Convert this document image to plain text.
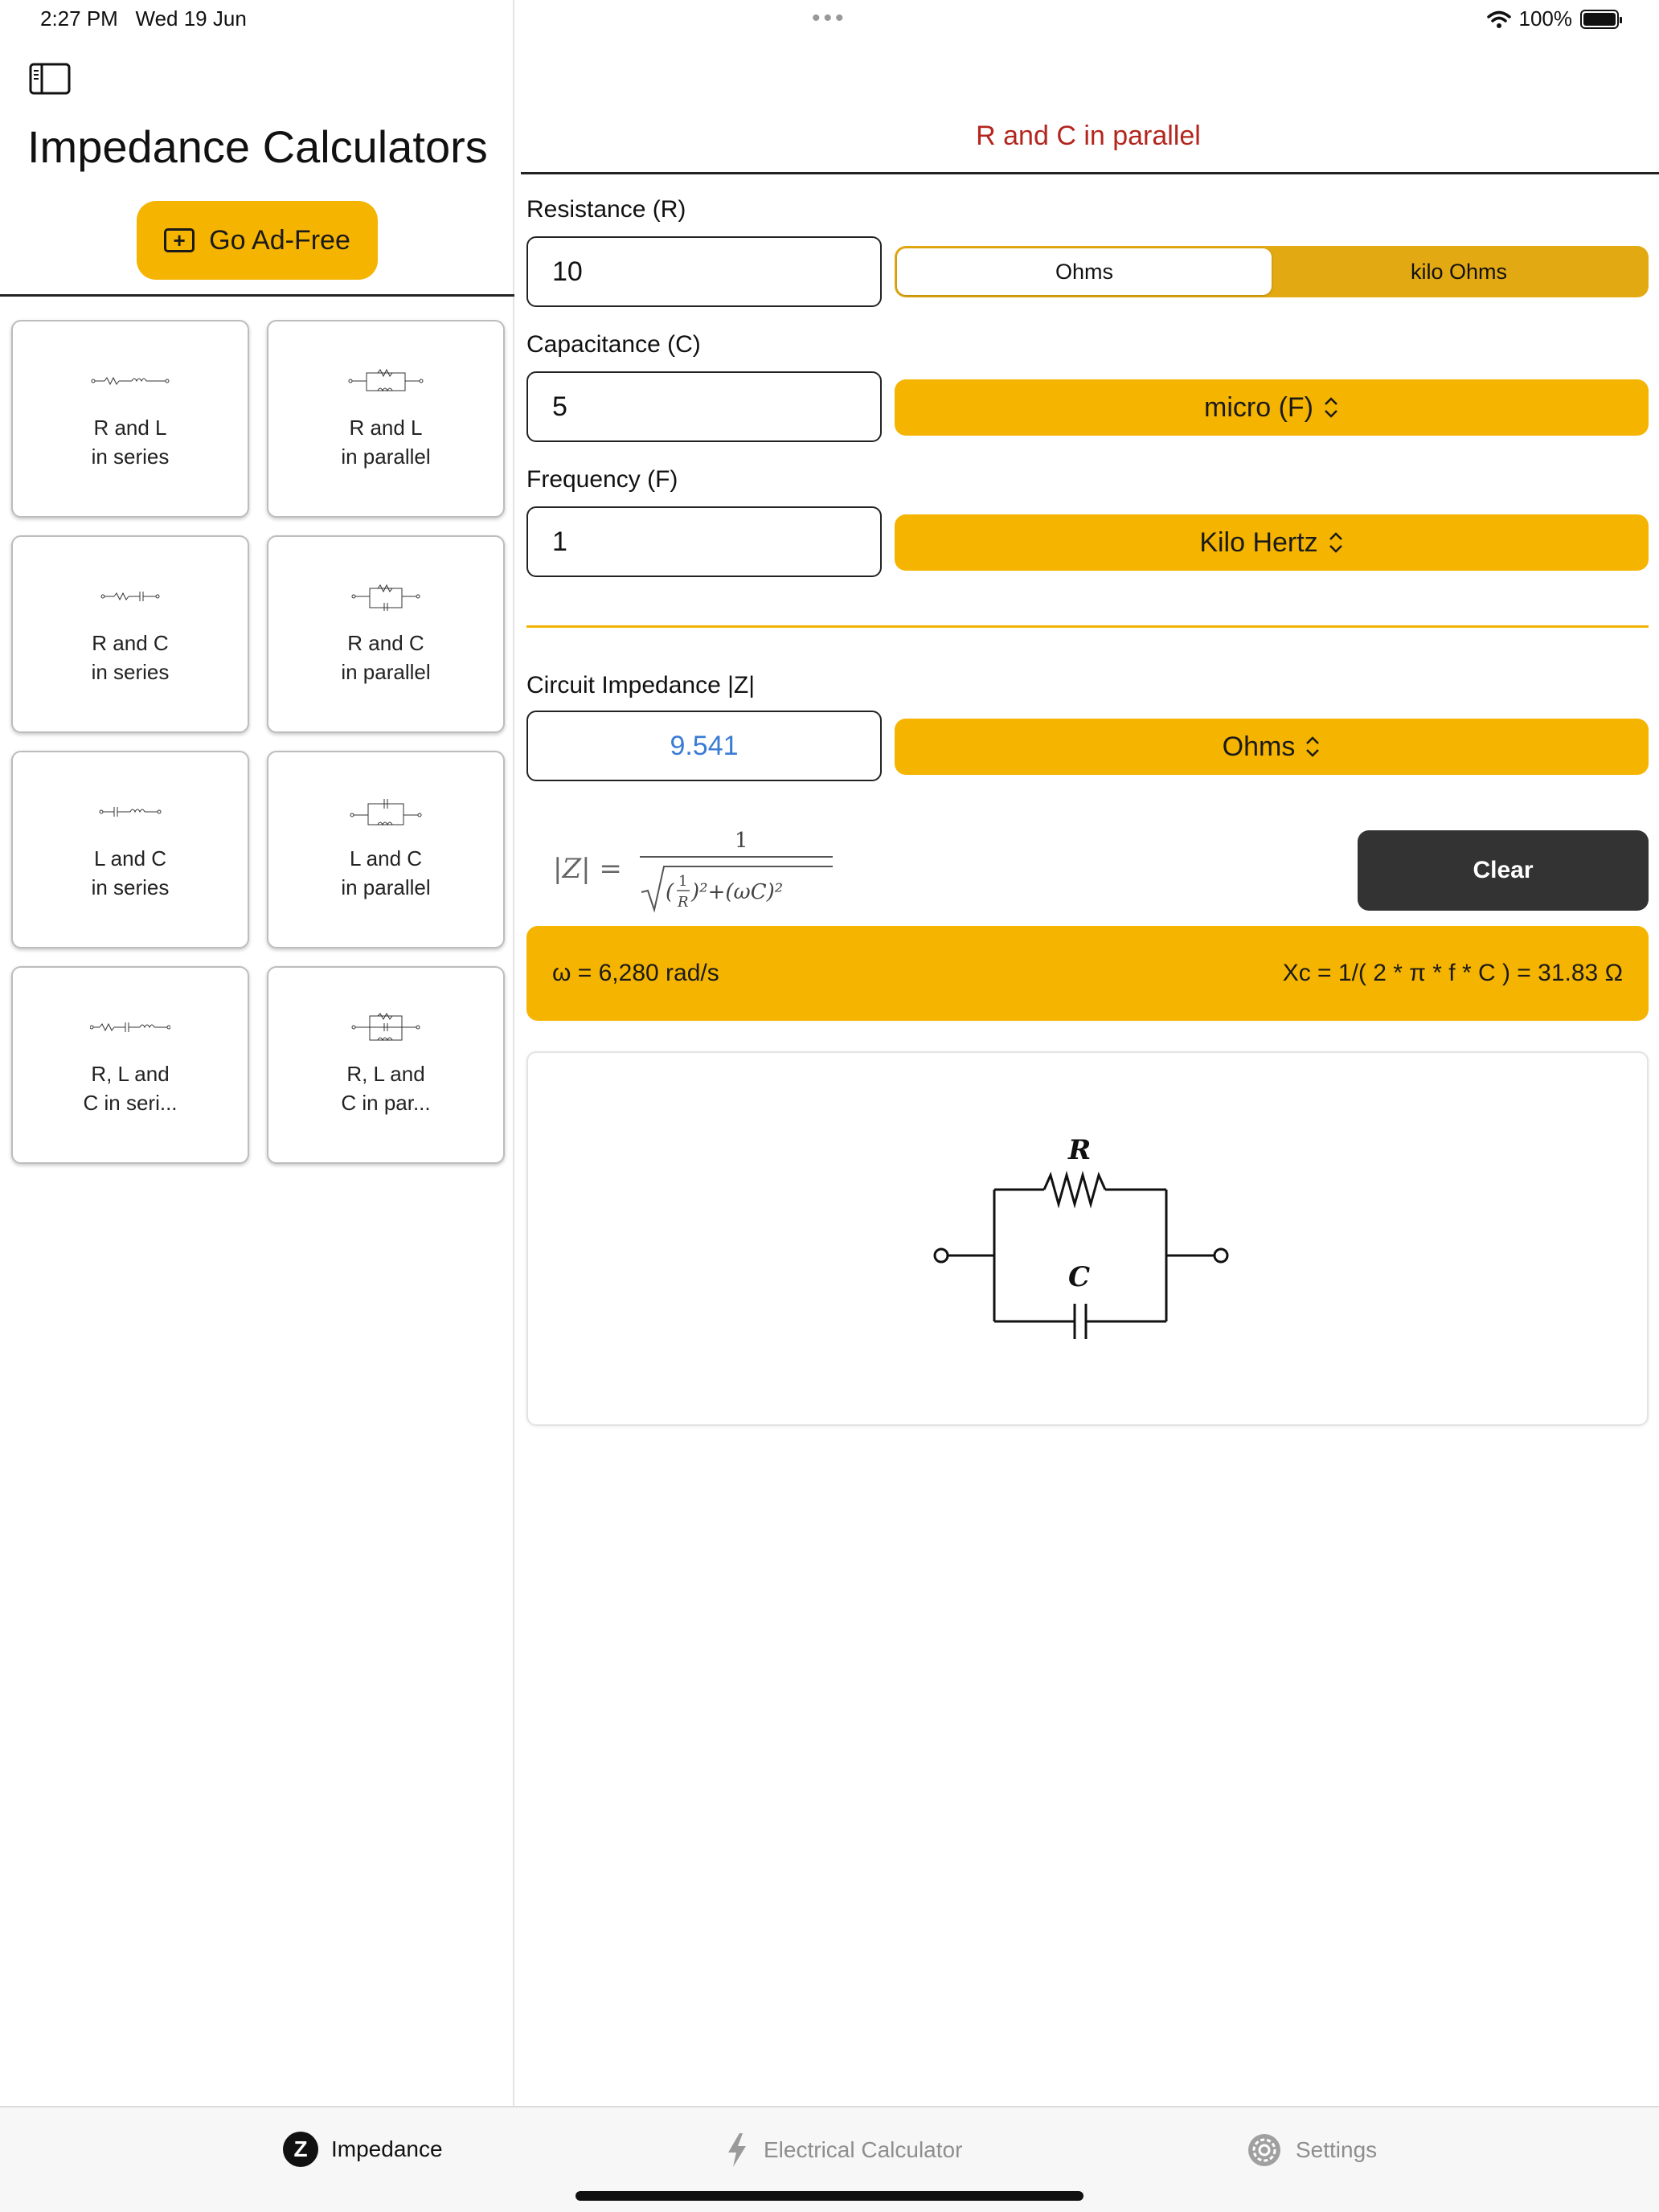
2:27 PM Wed 19 Jun	•••	100%
Impedance Calculators
+ Go Ad-Free
R and L
in series
R and L
in parallel
R and C
in series
R and C
in parallel
L and C
in series
L and C
in parallel
R, L and
C in seri...
R, L and
C in par...
R and C in parallel
Resistance (R)
10	Ohms	kilo Ohms
Capacitance (C)
5	micro (F)
Frequency (F)
1	Kilo Hertz
Circuit Impedance |Z|
9.541	Ohms
|Z| =
1
( 1
R )²+(ωC)²
Clear
ω = 6,280 rad/s	Xc = 1/( 2 * π * f * C ) = 31.83 Ω
R
C
Z	Impedance	Electrical Calculator	Settings
